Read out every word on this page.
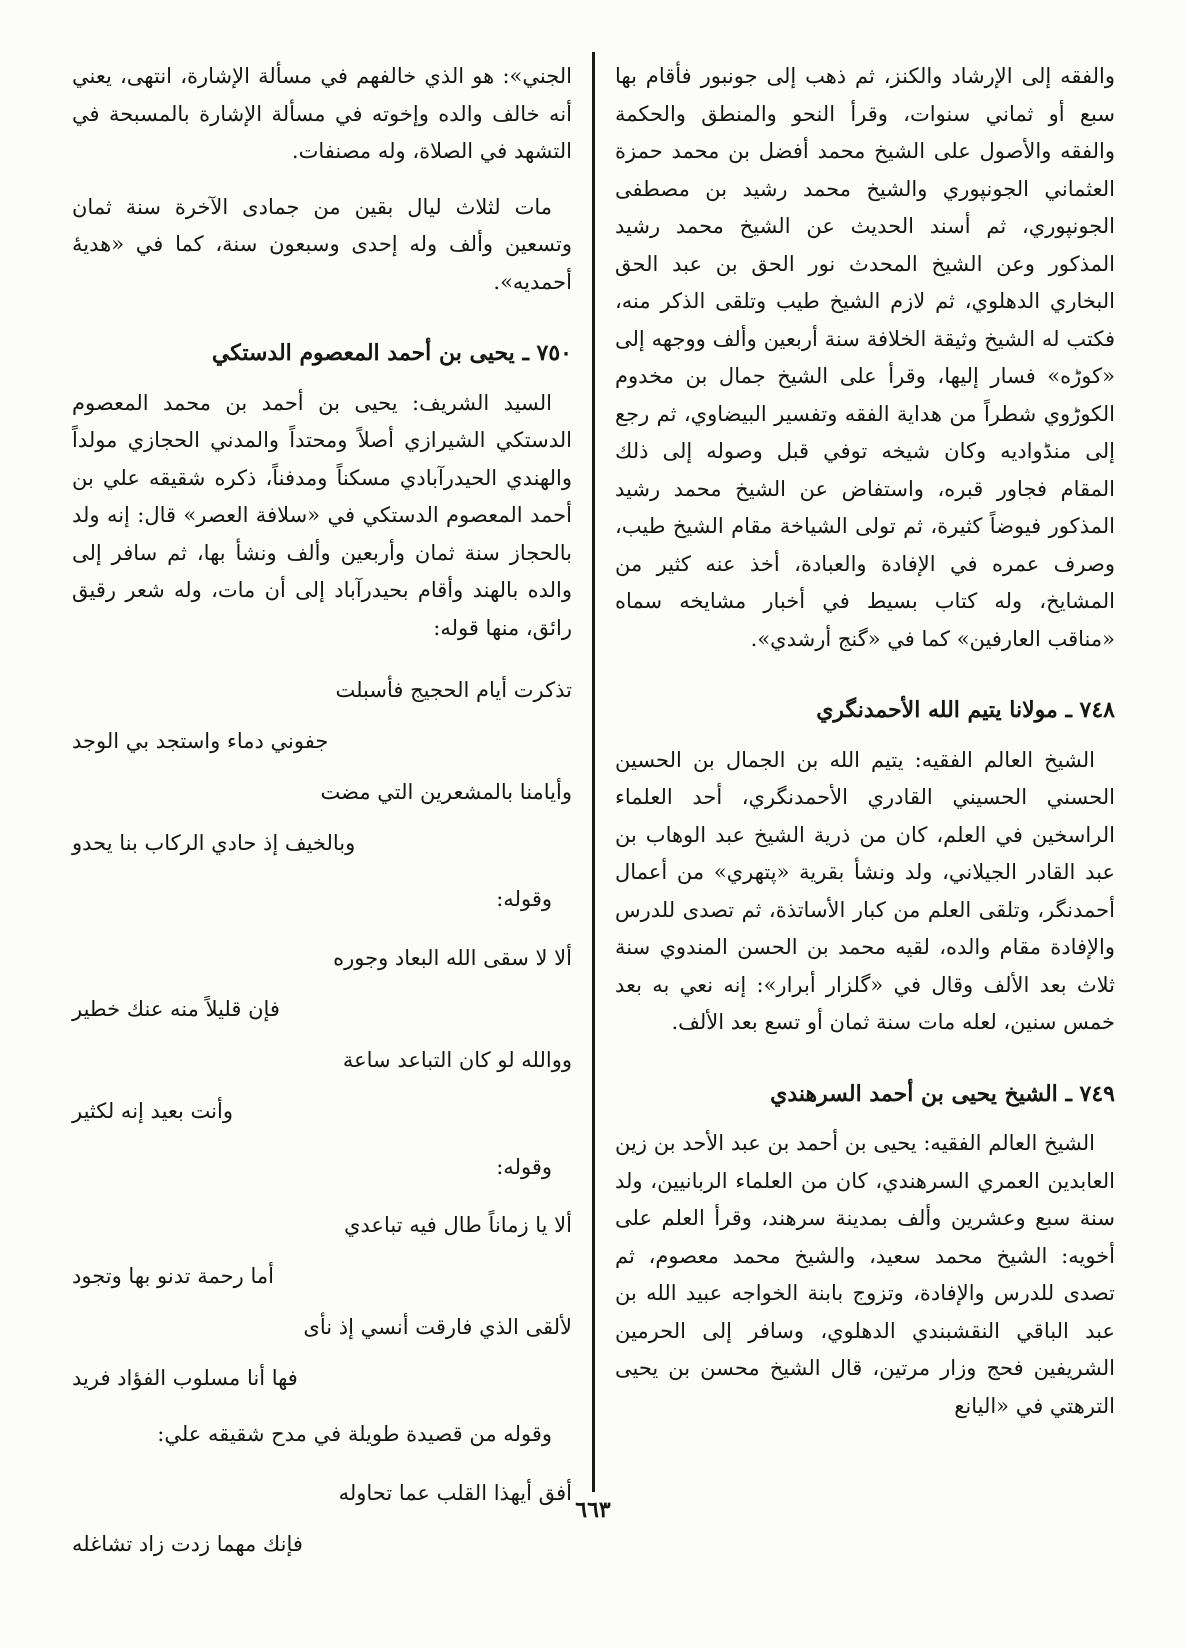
والفقه إلى الإرشاد والكنز، ثم ذهب إلى جونبور فأقام بها سبع أو ثماني سنوات، وقرأ النحو والمنطق والحكمة والفقه والأصول على الشيخ محمد أفضل بن محمد حمزة العثماني الجونپوري والشيخ محمد رشيد بن مصطفى الجونپوري، ثم أسند الحديث عن الشيخ محمد رشيد المذكور وعن الشيخ المحدث نور الحق بن عبد الحق البخاري الدهلوي، ثم لازم الشيخ طيب وتلقى الذكر منه، فكتب له الشيخ وثيقة الخلافة سنة أربعين وألف ووجهه إلى «كوڑه» فسار إليها، وقرأ على الشيخ جمال بن مخدوم الكوڑوي شطراً من هداية الفقه وتفسير البيضاوي، ثم رجع إلى منڈوادیه وكان شيخه توفي قبل وصوله إلى ذلك المقام فجاور قبره، واستفاض عن الشيخ محمد رشيد المذكور فيوضاً كثيرة، ثم تولى الشياخة مقام الشيخ طيب، وصرف عمره في الإفادة والعبادة، أخذ عنه كثير من المشايخ، وله كتاب بسيط في أخبار مشايخه سماه «مناقب العارفين» كما في «گنج أرشدي».

٧٤٨ ـ مولانا يتيم الله الأحمدنگري

الشيخ العالم الفقيه: يتيم الله بن الجمال بن الحسين الحسني الحسيني القادري الأحمدنگري، أحد العلماء الراسخين في العلم، كان من ذرية الشيخ عبد الوهاب بن عبد القادر الجيلاني، ولد ونشأ بقرية «پتهري» من أعمال أحمدنگر، وتلقى العلم من كبار الأساتذة، ثم تصدى للدرس والإفادة مقام والده، لقيه محمد بن الحسن المندوي سنة ثلاث بعد الألف وقال في «گلزار أبرار»: إنه نعي به بعد خمس سنين، لعله مات سنة ثمان أو تسع بعد الألف.

٧٤٩ ـ الشيخ يحيى بن أحمد السرهندي

الشيخ العالم الفقيه: يحيى بن أحمد بن عبد الأحد بن زين العابدين العمري السرهندي، كان من العلماء الربانيين، ولد سنة سبع وعشرين وألف بمدينة سرهند، وقرأ العلم على أخويه: الشيخ محمد سعيد، والشيخ محمد معصوم، ثم تصدى للدرس والإفادة، وتزوج بابنة الخواجه عبيد الله بن عبد الباقي النقشبندي الدهلوي، وسافر إلى الحرمين الشريفين فحج وزار مرتين، قال الشيخ محسن بن يحيى الترهتي في «اليانع

الجني»: هو الذي خالفهم في مسألة الإشارة، انتهى، يعني أنه خالف والده وإخوته في مسألة الإشارة بالمسبحة في التشهد في الصلاة، وله مصنفات.

مات لثلاث ليال بقين من جمادى الآخرة سنة ثمان وتسعين وألف وله إحدى وسبعون سنة، كما في «هديهٔ أحمديه».

٧٥٠ ـ يحيى بن أحمد المعصوم الدستكي

السيد الشريف: يحيى بن أحمد بن محمد المعصوم الدستكي الشيرازي أصلاً ومحتداً والمدني الحجازي مولداً والهندي الحيدرآبادي مسكناً ومدفناً، ذكره شقيقه علي بن أحمد المعصوم الدستكي في «سلافة العصر» قال: إنه ولد بالحجاز سنة ثمان وأربعين وألف ونشأ بها، ثم سافر إلى والده بالهند وأقام بحيدرآباد إلى أن مات، وله شعر رقيق رائق، منها قوله:

تذكرت أيام الحجيج فأسبلت
جفوني دماء واستجد بي الوجد
وأيامنا بالمشعرين التي مضت
وبالخيف إذ حادي الركاب بنا يحدو

وقوله:

ألا لا سقى الله البعاد وجوره
فإن قليلاً منه عنك خطير
ووالله لو كان التباعد ساعة
وأنت بعيد إنه لكثير

وقوله:

ألا يا زماناً طال فيه تباعدي
أما رحمة تدنو بها وتجود
لألقى الذي فارقت أنسي إذ نأى
فها أنا مسلوب الفؤاد فريد

وقوله من قصيدة طويلة في مدح شقيقه علي:

أفق أيهذا القلب عما تحاوله
فإنك مهما زدت زاد تشاغله
٦٦٣
